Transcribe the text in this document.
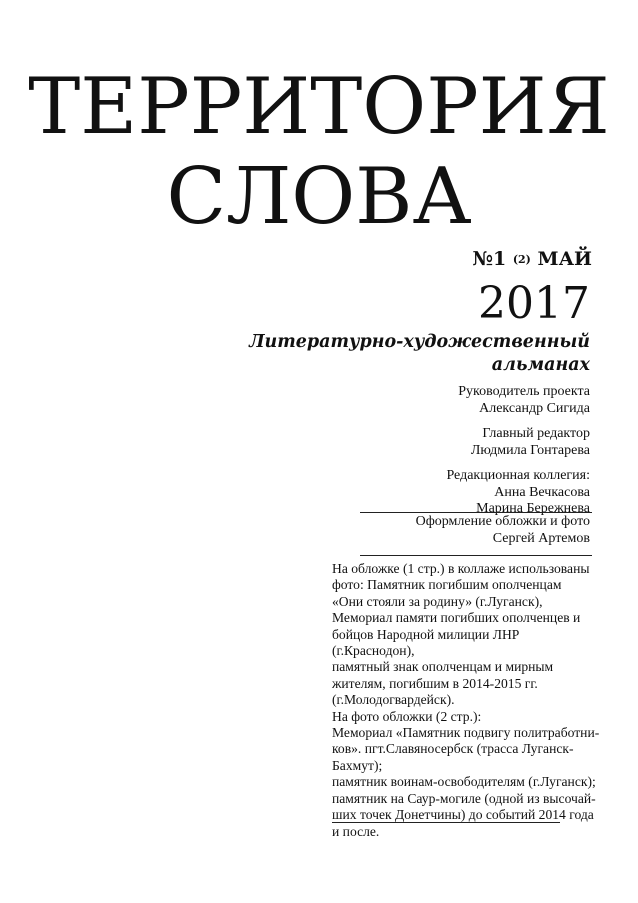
ТЕРРИТОРИЯ
СЛОВА
№1 (2) МАЙ
2017
Литературно-художественный
альманах
Руководитель проекта
Александр Сигида
Главный редактор
Людмила Гонтарева
Редакционная коллегия:
Анна Вечкасова
Марина Бережнева
Оформление обложки и фото
Сергей Артемов
На обложке (1 стр.) в коллаже использованы
фото: Памятник погибшим ополченцам
«Они стояли за родину» (г.Луганск),
Мемориал памяти погибших ополченцев и
бойцов Народной милиции ЛНР
(г.Краснодон),
памятный знак ополченцам и мирным
жителям, погибшим в 2014-2015 гг.
(г.Молодогвардейск).
На фото обложки (2 стр.):
Мемориал «Памятник подвигу политработни-
ков». пгт.Славяносербск (трасса Луганск-
Бахмут);
памятник воинам-освободителям (г.Луганск);
памятник на Саур-могиле (одной из высочай-
ших точек Донетчины) до событий 2014 года
и после.
